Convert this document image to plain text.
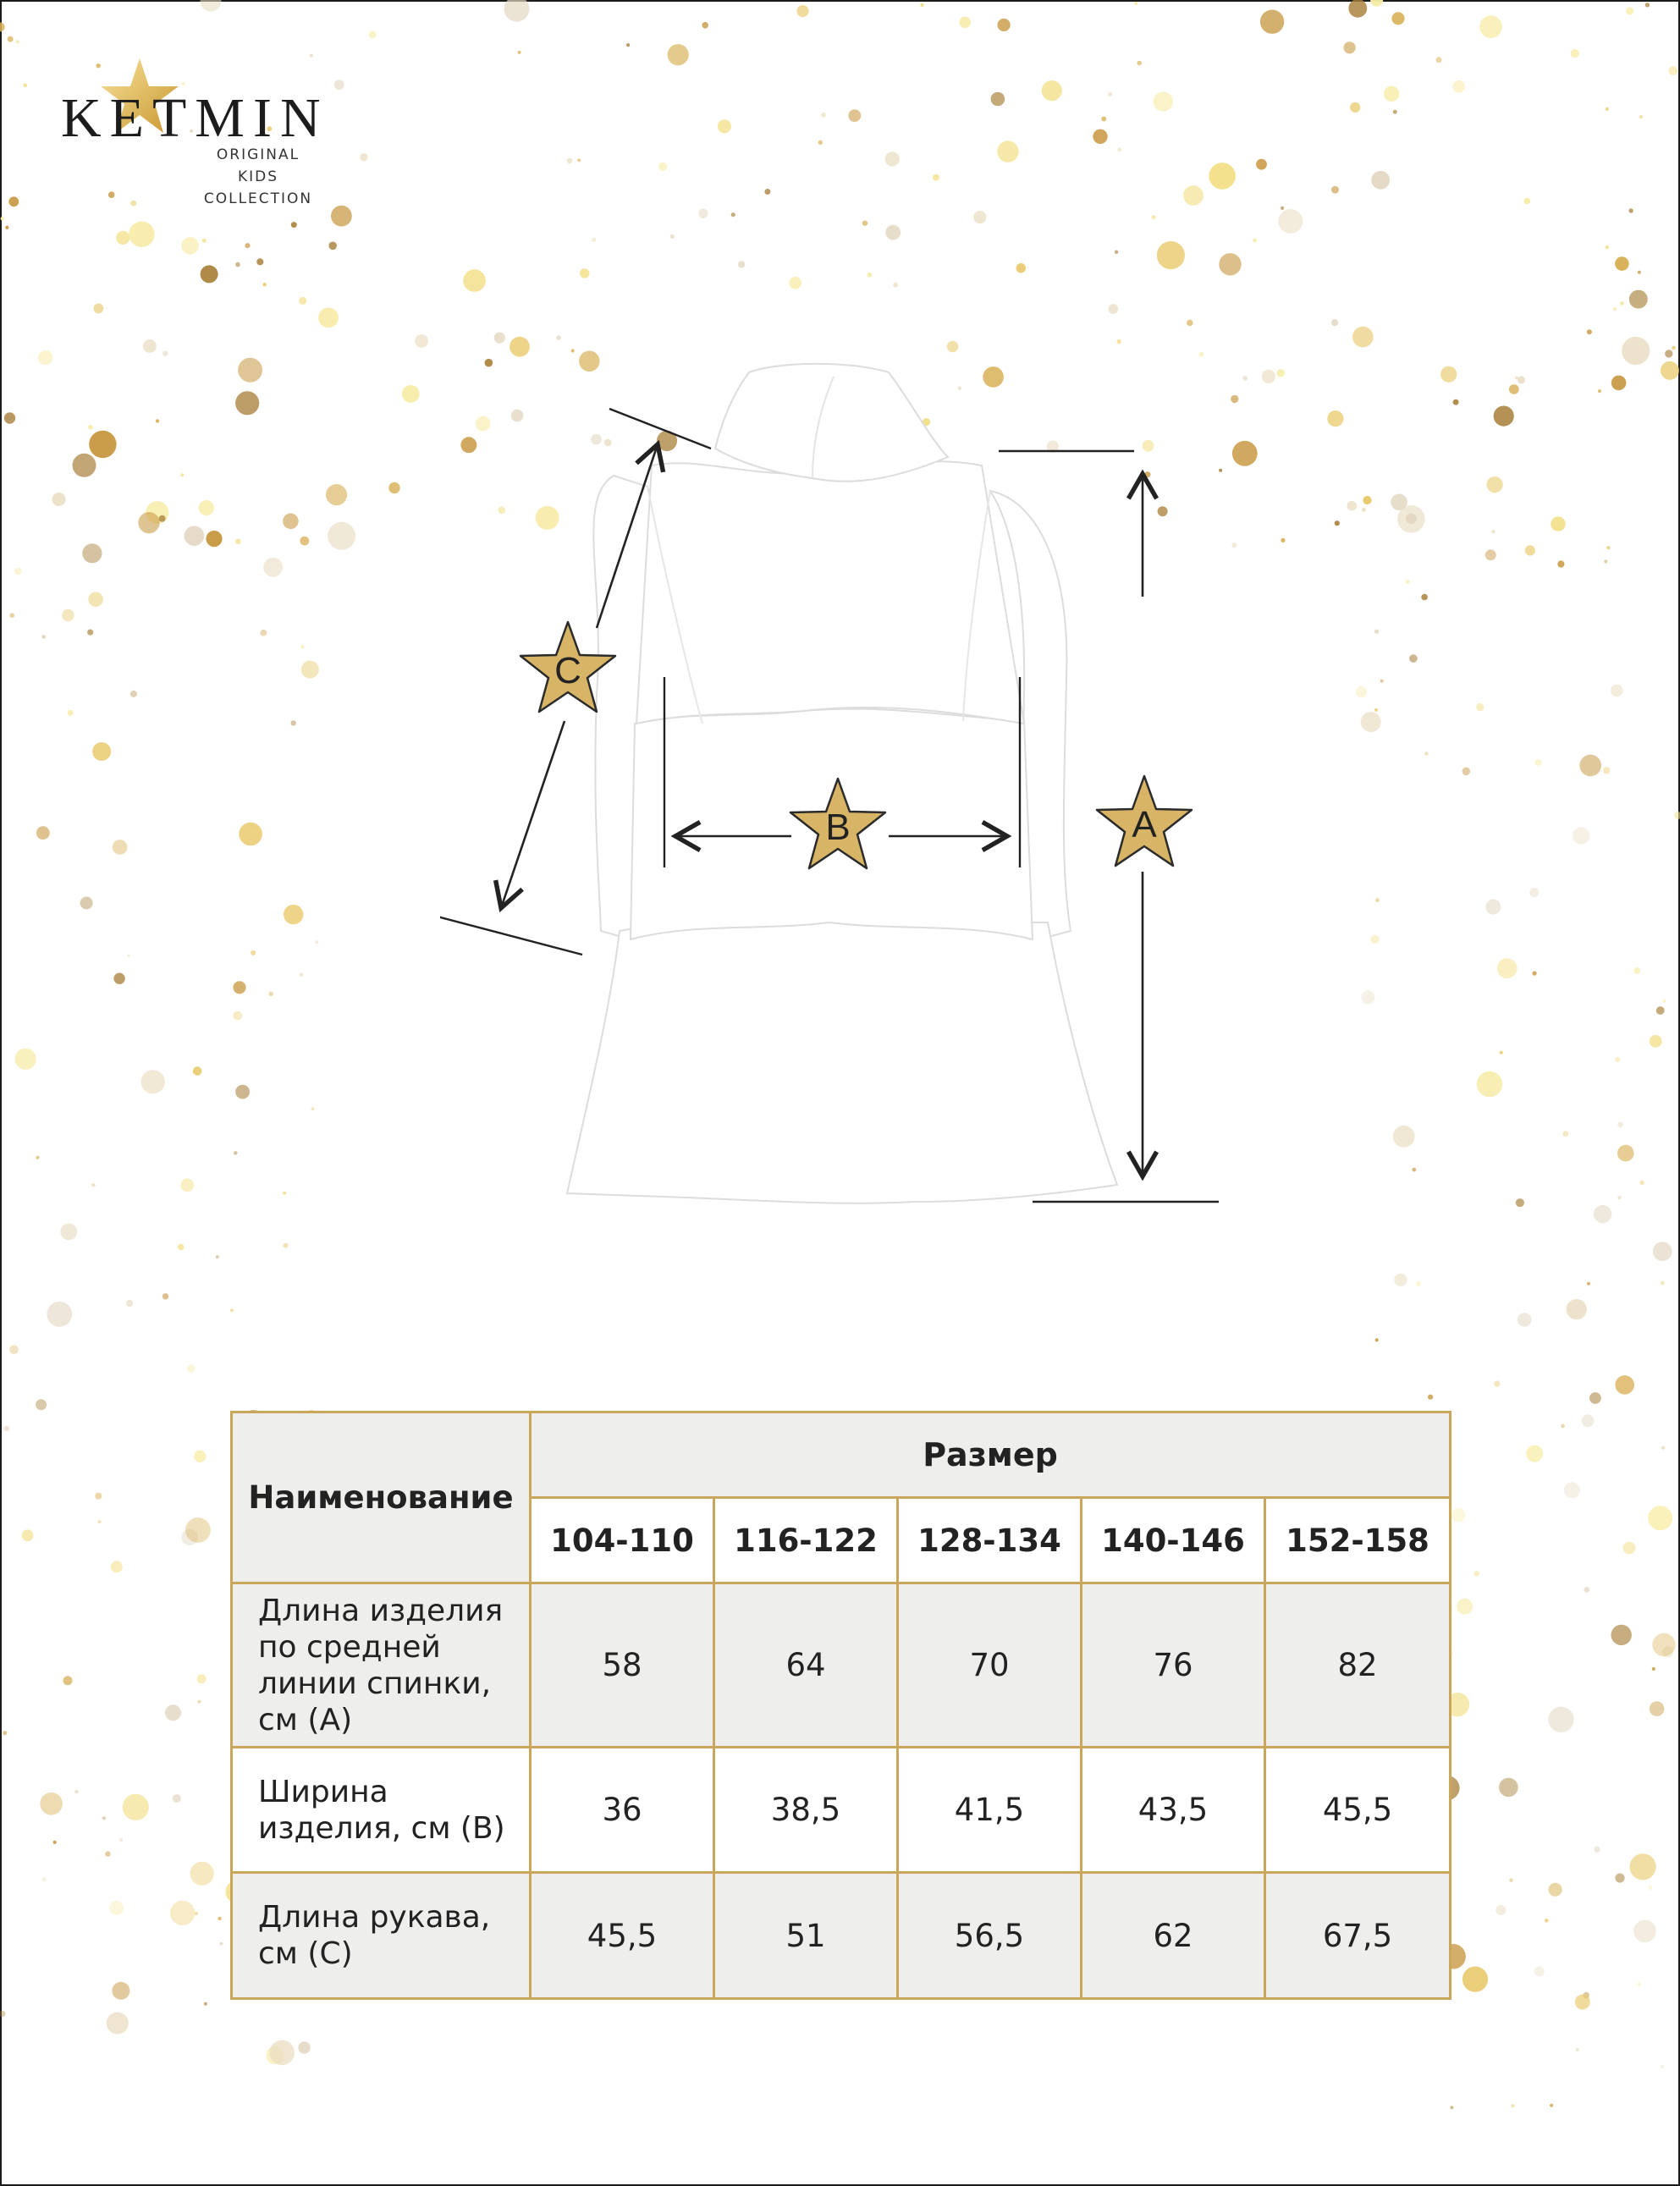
KETMIN
ORIGINAL KIDS
COLLECTION
C
B	A
Наименование	Размер				
	104-110	116-122	128-134	140-146	152-158
Длина изделия по средней линии спинки, см (А)	58	64	70	76	82
Ширина изделия, см (В)	36	38,5	41,5	43,5	45,5
Длина рукава, см (С)	45,5	51	56,5	62	67,5
